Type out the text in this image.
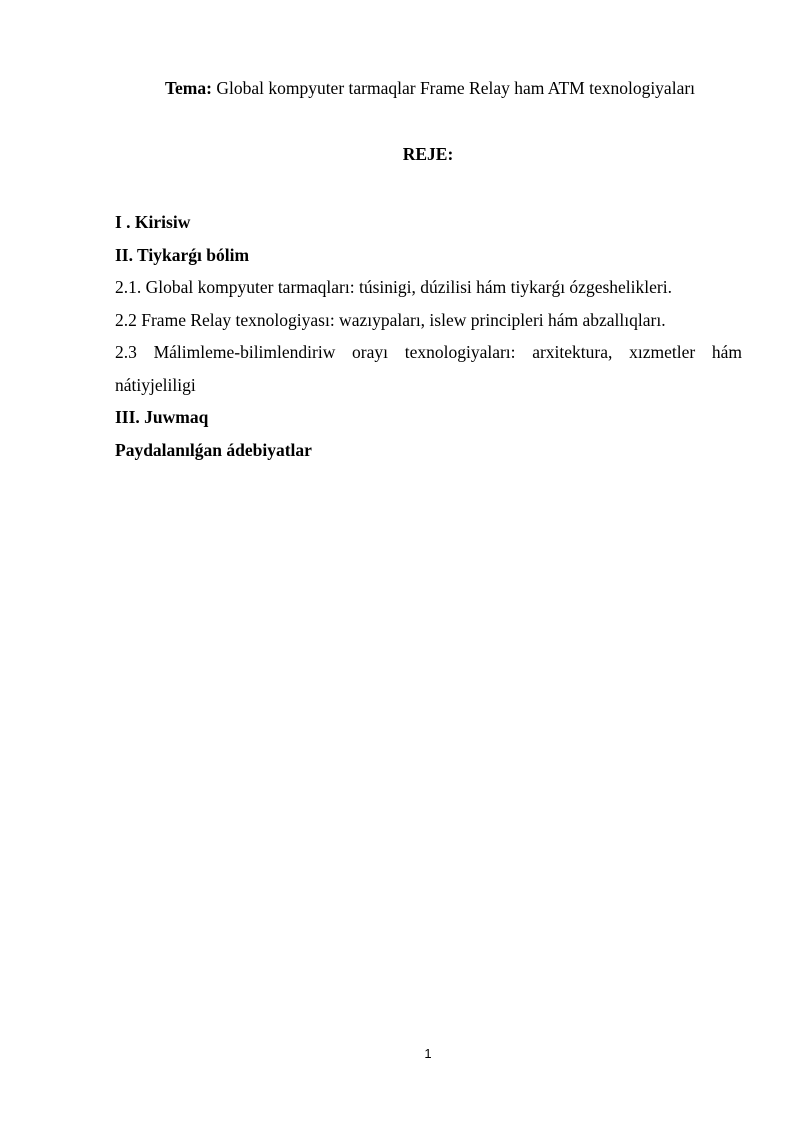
Tema: Global kompyuter tarmaqlar Frame Relay ham ATM texnologiyaları
REJE:
I . Kirisiw
II. Tiykarǵı bólim
2.1. Global kompyuter tarmaqları: túsinigi, dúzilisi hám tiykarǵı ózgeshelikleri.
2.2 Frame Relay texnologiyası: wazıypaları, islew principleri hám abzallıqları.
2.3 Málimleme-bilimlendiriw orayı texnologiyaları: arxitektura, xızmetler hám
nátiyjeliligi
III. Juwmaq
Paydalanılǵan ádebiyatlar
1
